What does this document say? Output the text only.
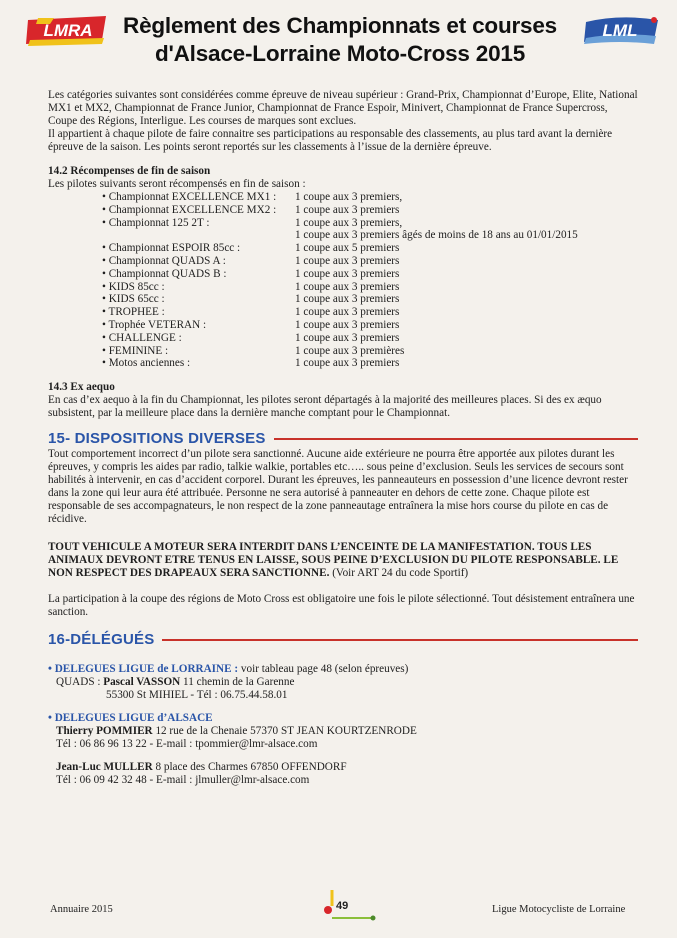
LMRA Règlement des Championnats et courses
d'Alsace-Lorraine Moto-Cross 2015
LML

Les catégories suivantes sont considérées comme épreuve de niveau supérieur : Grand-Prix, Championnat d’Europe, Elite, National MX1 et MX2, Championnat de France Junior, Championnat de France Espoir, Minivert, Championnat de France Supercross, Coupe des Régions, Interligue. Les courses de marques sont exclues.

Il appartient à chaque pilote de faire connaitre ses participations au responsable des classements, au plus tard avant la dernière épreuve de la saison. Les points seront reportés sur les classements à l’issue de la dernière épreuve.

14.2 Récompenses de fin de saison

Les pilotes suivants seront récompensés en fin de saison :

• Championnat EXCELLENCE MX1 :	1 coupe aux 3 premiers,
• Championnat EXCELLENCE MX2 :	1 coupe aux 3 premiers
• Championnat 125 2T :	1 coupe aux 3 premiers,
	1 coupe aux 3 premiers âgés de moins de 18 ans au 01/01/2015
• Championnat ESPOIR 85cc :	1 coupe aux 5 premiers
• Championnat QUADS A :	1 coupe aux 3 premiers
• Championnat QUADS B :	1 coupe aux 3 premiers
• KIDS 85cc :	1 coupe aux 3 premiers
• KIDS 65cc :	1 coupe aux 3 premiers
• TROPHEE :	1 coupe aux 3 premiers
• Trophée VETERAN :	1 coupe aux 3 premiers
• CHALLENGE :	1 coupe aux 3 premiers
• FEMININE :	1 coupe aux 3 premières
• Motos anciennes :	1 coupe aux 3 premiers

14.3 Ex aequo

En cas d’ex aequo à la fin du Championnat, les pilotes seront départagés à la majorité des meilleures places. Si des ex æquo subsistent, par la meilleure place dans la dernière manche comptant pour le Championnat.

15- DISPOSITIONS DIVERSES

Tout comportement incorrect d’un pilote sera sanctionné. Aucune aide extérieure ne pourra être apportée aux pilotes durant les épreuves, y compris les aides par radio, talkie walkie, portables etc….. sous peine d’exclusion. Seuls les services de secours sont habilités à intervenir, en cas d’accident corporel. Durant les épreuves, les panneauteurs en possession d’une licence devront rester dans la zone qui leur aura été attribuée. Personne ne sera autorisé à panneauter en dehors de cette zone. Chaque pilote est responsable de ses accompagnateurs, le non respect de la zone panneautage entraînera la mise hors course du pilote en cas de récidive.

TOUT VEHICULE A MOTEUR SERA INTERDIT DANS L’ENCEINTE DE LA MANIFESTATION. TOUS LES ANIMAUX DEVRONT ETRE TENUS EN LAISSE, SOUS PEINE D’EXCLUSION DU PILOTE RESPONSABLE. LE NON RESPECT DES DRAPEAUX SERA SANCTIONNE. (Voir ART 24 du code Sportif)

La participation à la coupe des régions de Moto Cross est obligatoire une fois le pilote sélectionné. Tout désistement entraînera une sanction.

16-DÉLÉGUÉS

• DELEGUES LIGUE de LORRAINE : voir tableau page 48 (selon épreuves)

QUADS : Pascal VASSON 11 chemin de la Garenne

55300 St MIHIEL - Tél : 06.75.44.58.01

• DELEGUES LIGUE d’ALSACE

Thierry POMMIER 12 rue de la Chenaie 57370 ST JEAN KOURTZENRODE

Tél : 06 86 96 13 22 - E-mail : tpommier@lmr-alsace.com

Jean-Luc MULLER 8 place des Charmes 67850 OFFENDORF

Tél : 06 09 42 32 48 - E-mail : jlmuller@lmr-alsace.com

Annuaire 2015	49	Ligue Motocycliste de Lorraine
